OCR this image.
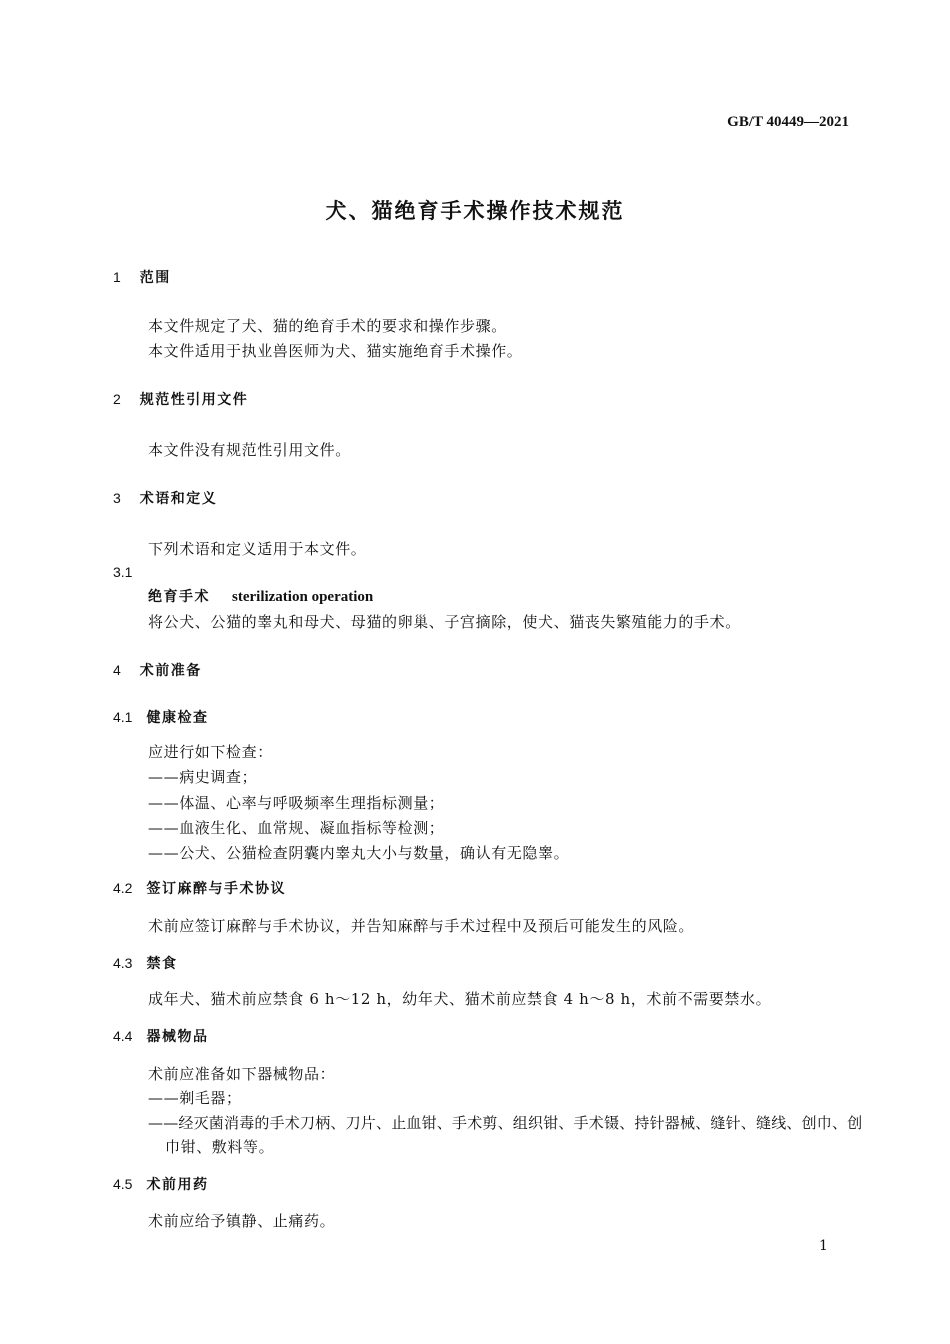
GB/T 40449—2021
犬、猫绝育手术操作技术规范
1 范围
本文件规定了犬、猫的绝育手术的要求和操作步骤。
本文件适用于执业兽医师为犬、猫实施绝育手术操作。
2 规范性引用文件
本文件没有规范性引用文件。
3 术语和定义
下列术语和定义适用于本文件。
3.1
绝育手术 sterilization operation
将公犬、公猫的睾丸和母犬、母猫的卵巢、子宫摘除，使犬、猫丧失繁殖能力的手术。
4 术前准备
4.1 健康检查
应进行如下检查：
——病史调查；
——体温、心率与呼吸频率生理指标测量；
——血液生化、血常规、凝血指标等检测；
——公犬、公猫检查阴囊内睾丸大小与数量，确认有无隐睾。
4.2 签订麻醉与手术协议
术前应签订麻醉与手术协议，并告知麻醉与手术过程中及预后可能发生的风险。
4.3 禁食
成年犬、猫术前应禁食 6 h～12 h，幼年犬、猫术前应禁食 4 h～8 h，术前不需要禁水。
4.4 器械物品
术前应准备如下器械物品：
——剃毛器；
——经灭菌消毒的手术刀柄、刀片、止血钳、手术剪、组织钳、手术镊、持针器械、缝针、缝线、创巾、创
巾钳、敷料等。
4.5 术前用药
术前应给予镇静、止痛药。
1
